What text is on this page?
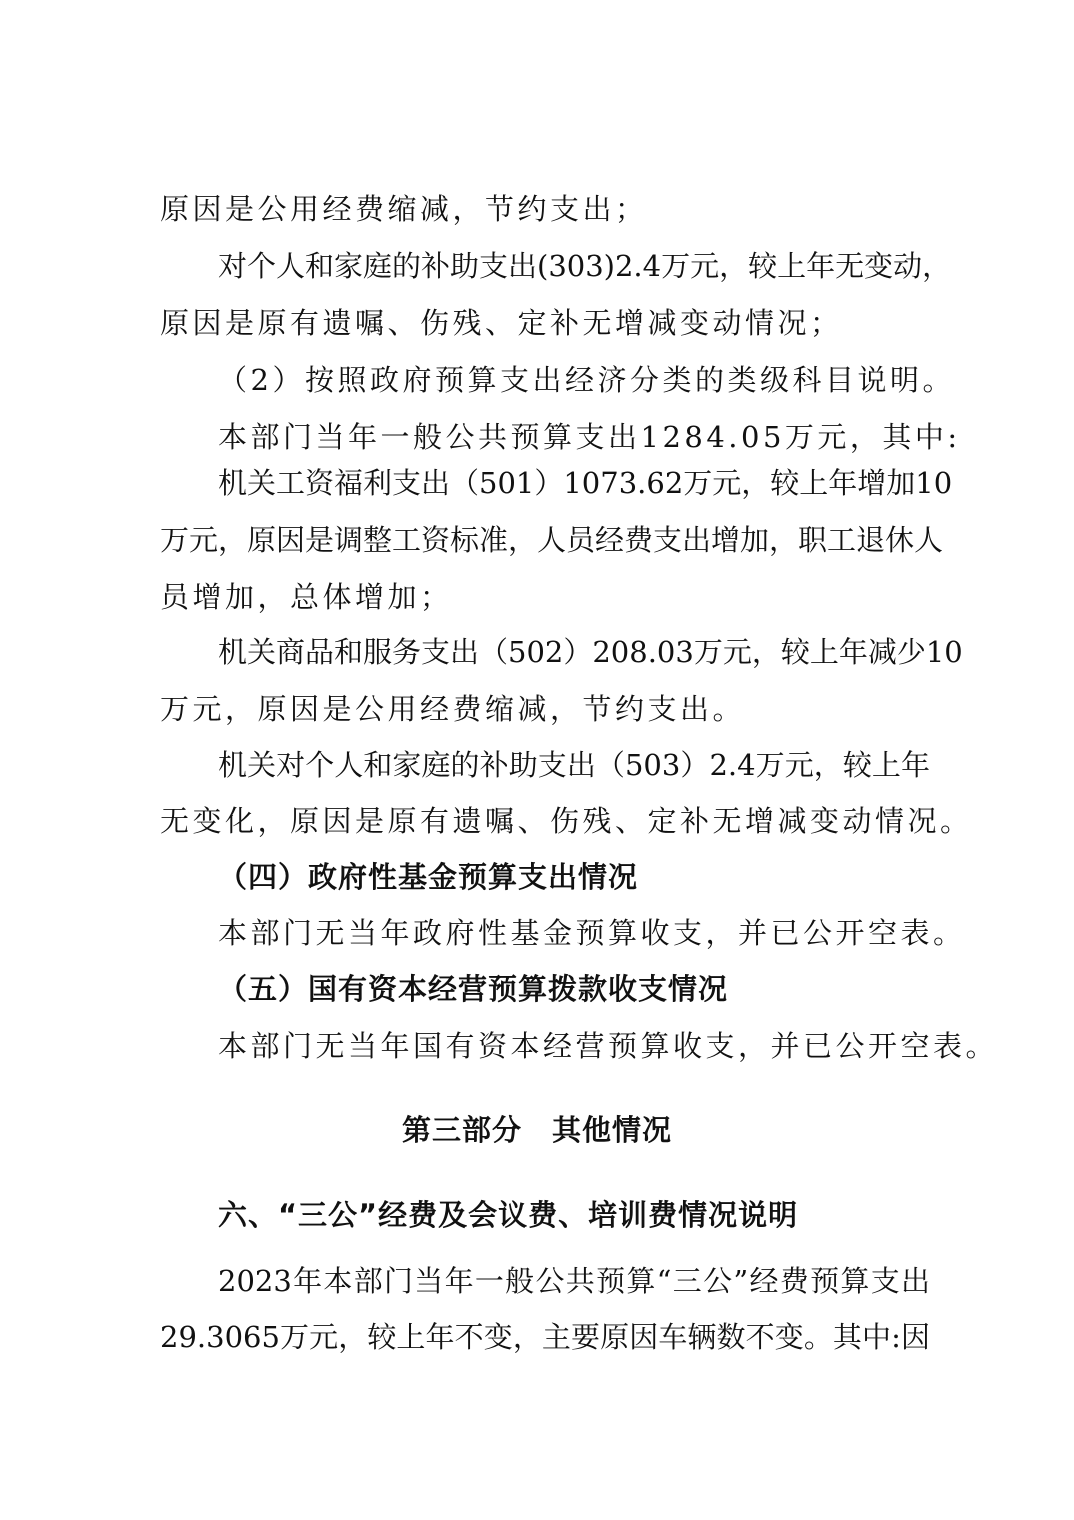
原因是公用经费缩减，节约支出；
对个人和家庭的补助支出(303)2.4万元，较上年无变动，
原因是原有遗嘱、伤残、定补无增减变动情况；
（2）按照政府预算支出经济分类的类级科目说明。
本部门当年一般公共预算支出1284.05万元，其中:
机关工资福利支出（501）1073.62万元，较上年增加10
万元，原因是调整工资标准，人员经费支出增加，职工退休人
员增加，总体增加；
机关商品和服务支出（502）208.03万元，较上年减少10
万元，原因是公用经费缩减，节约支出。
机关对个人和家庭的补助支出（503）2.4万元，较上年
无变化，原因是原有遗嘱、伤残、定补无增减变动情况。
（四）政府性基金预算支出情况
本部门无当年政府性基金预算收支，并已公开空表。
（五）国有资本经营预算拨款收支情况
本部门无当年国有资本经营预算收支，并已公开空表。
第三部分　其他情况
六、“三公”经费及会议费、培训费情况说明
2023年本部门当年一般公共预算“三公”经费预算支出
29.3065万元，较上年不变，主要原因车辆数不变。其中:因
